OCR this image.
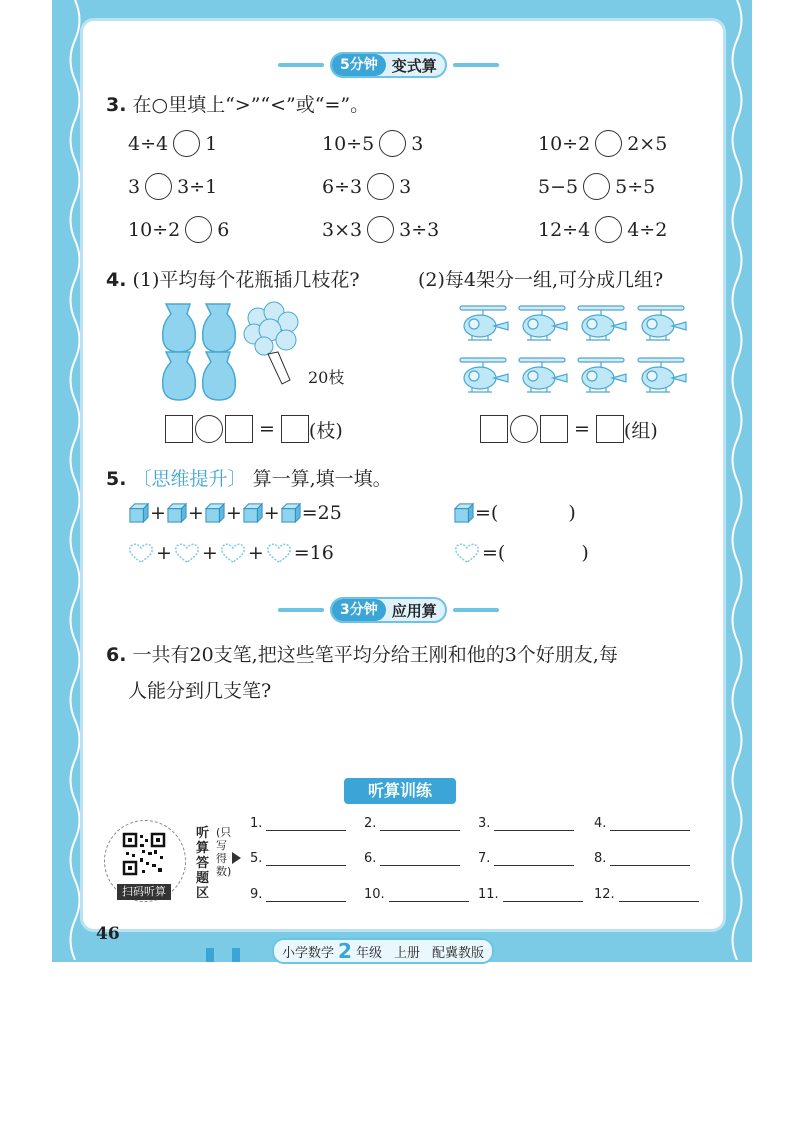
5分钟 变式算
3. 在○里填上“>”“<”或“=”。
4÷4 1	10÷5 3	10÷2 2×5
3 3÷1	6÷3 3	5−5 5÷5
10÷2 6	3×3 3÷3	12÷4 4÷2
4. (1)平均每个花瓶插几枝花?	(2)每4架分一组,可分成几组?
20枝
= (枝)	= (组)
5. 〔思维提升〕 算一算,填一填。
+ + + + =25	=(	)
+ + + =16	=(	)
3分钟 应用算
6. 一共有20支笔,把这些笔平均分给王刚和他的3个好朋友,每
人能分到几支笔?
听算训练
扫码听算
听算答题区
(只写得数)
1.	2.	3.	4.
5.	6.	7.	8.
9.	10.	11.	12.
46
小学数学 2 年级 上册 配冀教版
